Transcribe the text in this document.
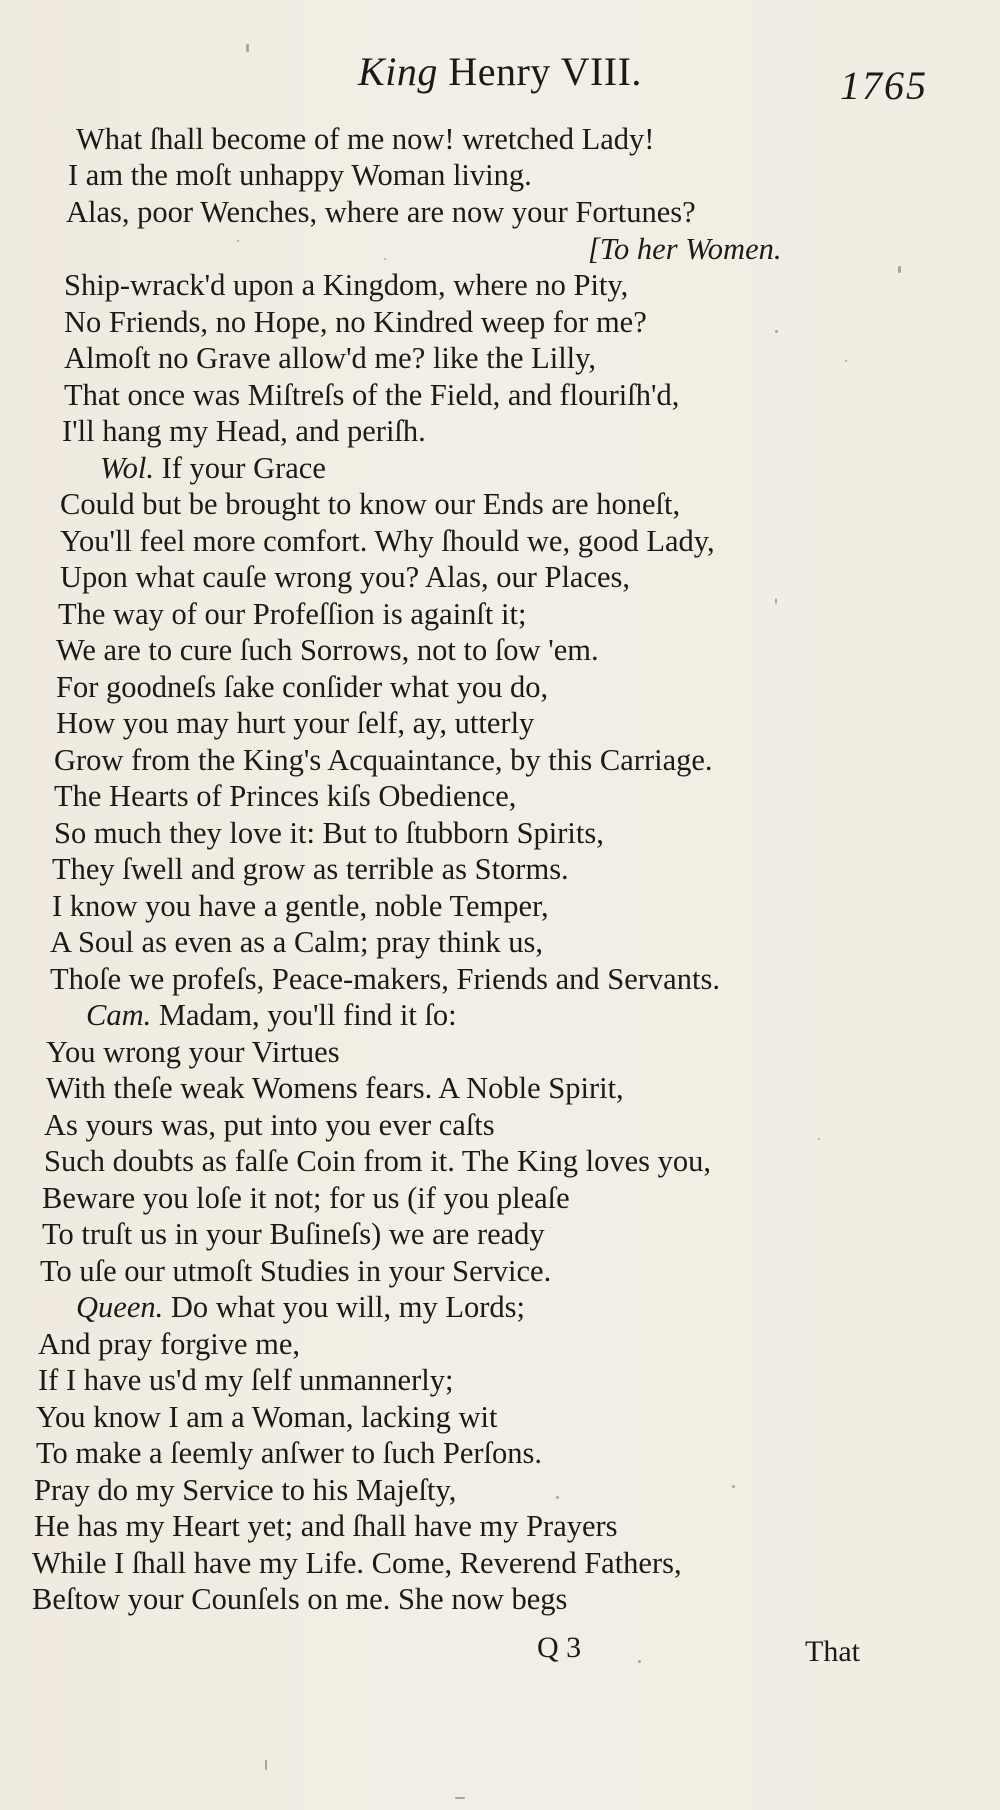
King Henry VIII.	1765
What ſhall become of me now! wretched Lady!
I am the moſt unhappy Woman living.
Alas, poor Wenches, where are now your Fortunes?
[To her Women.
Ship-wrack'd upon a Kingdom, where no Pity,
No Friends, no Hope, no Kindred weep for me?
Almoſt no Grave allow'd me? like the Lilly,
That once was Miſtreſs of the Field, and flouriſh'd,
I'll hang my Head, and periſh.
Wol. If your Grace
Could but be brought to know our Ends are honeſt,
You'll feel more comfort. Why ſhould we, good Lady,
Upon what cauſe wrong you? Alas, our Places,
The way of our Profeſſion is againſt it;
We are to cure ſuch Sorrows, not to ſow 'em.
For goodneſs ſake conſider what you do,
How you may hurt your ſelf, ay, utterly
Grow from the King's Acquaintance, by this Carriage.
The Hearts of Princes kiſs Obedience,
So much they love it: But to ſtubborn Spirits,
They ſwell and grow as terrible as Storms.
I know you have a gentle, noble Temper,
A Soul as even as a Calm; pray think us,
Thoſe we profeſs, Peace-makers, Friends and Servants.
Cam. Madam, you'll find it ſo:
You wrong your Virtues
With theſe weak Womens fears. A Noble Spirit,
As yours was, put into you ever caſts
Such doubts as falſe Coin from it. The King loves you,
Beware you loſe it not; for us (if you pleaſe
To truſt us in your Buſineſs) we are ready
To uſe our utmoſt Studies in your Service.
Queen. Do what you will, my Lords;
And pray forgive me,
If I have us'd my ſelf unmannerly;
You know I am a Woman, lacking wit
To make a ſeemly anſwer to ſuch Perſons.
Pray do my Service to his Majeſty,
He has my Heart yet; and ſhall have my Prayers
While I ſhall have my Life. Come, Reverend Fathers,
Beſtow your Counſels on me. She now begs
Q 3	That
